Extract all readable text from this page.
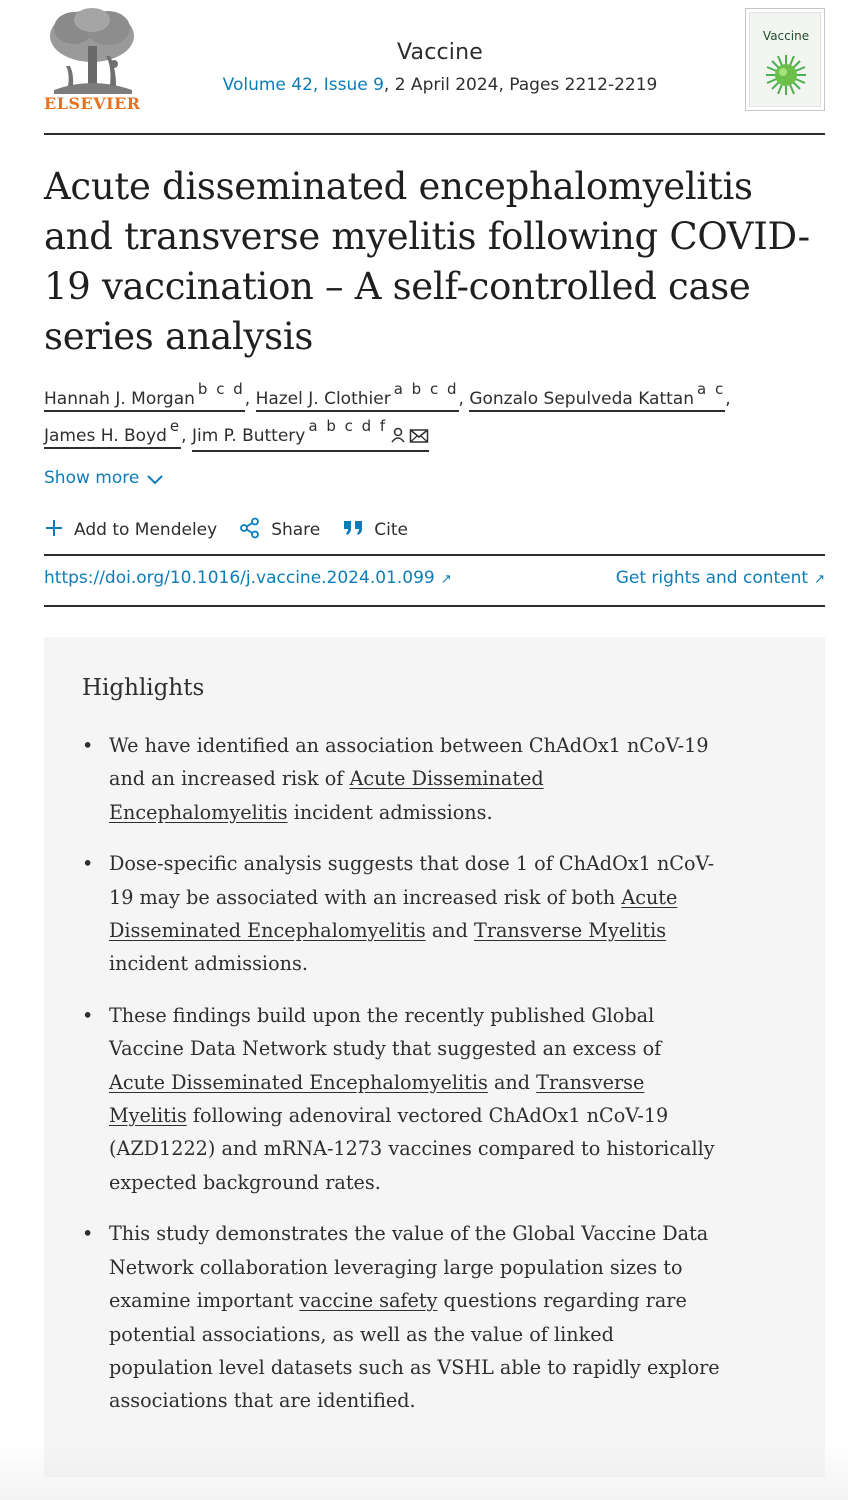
ELSEVIER
Vaccine
Volume 42, Issue 9, 2 April 2024, Pages 2212-2219
Vaccine
Acute disseminated encephalomyelitis and transverse myelitis following COVID-19 vaccination – A self-controlled case series analysis
Hannah J. Morgan $^{b c d}$, Hazel J. Clothier $^{a b c d}$, Gonzalo Sepulveda Kattan $^{a c}$,
James H. Boyd $^e$, Jim P. Buttery $^{a b c d f}$
Show more
Add to Mendeley	Share	Cite
https://doi.org/10.1016/j.vaccine.2024.01.099 ↗	Get rights and content ↗
Highlights
• We have identified an association between ChAdOx1 nCoV-19 and an increased risk of Acute Disseminated Encephalomyelitis incident admissions.
• Dose-specific analysis suggests that dose 1 of ChAdOx1 nCoV-19 may be associated with an increased risk of both Acute Disseminated Encephalomyelitis and Transverse Myelitis incident admissions.
• These findings build upon the recently published Global Vaccine Data Network study that suggested an excess of Acute Disseminated Encephalomyelitis and Transverse Myelitis following adenoviral vectored ChAdOx1 nCoV-19 (AZD1222) and mRNA-1273 vaccines compared to historically expected background rates.
• This study demonstrates the value of the Global Vaccine Data Network collaboration leveraging large population sizes to examine important vaccine safety questions regarding rare potential associations, as well as the value of linked population level datasets such as VSHL able to rapidly explore associations that are identified.
